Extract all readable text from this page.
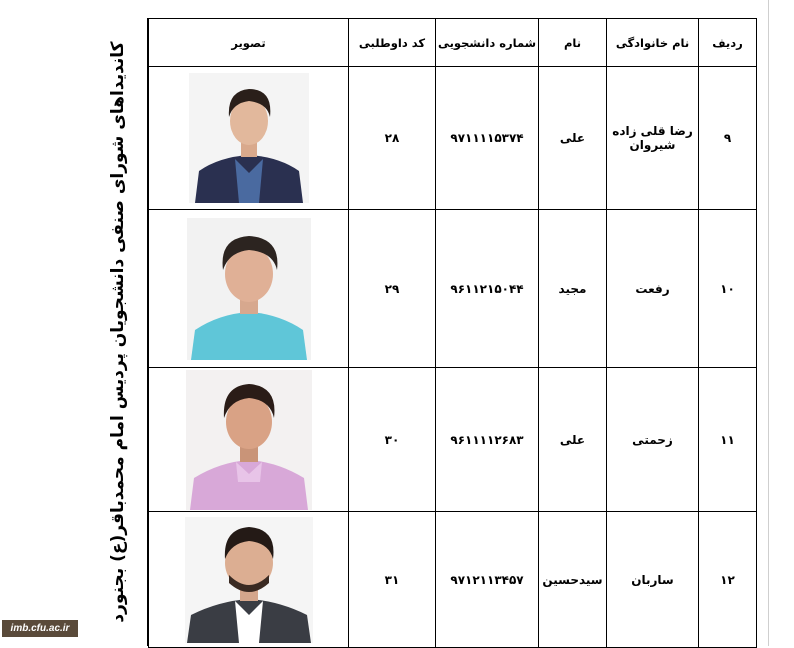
کاندیداهای شورای صنفی دانشجویان پردیس امام محمدباقر(ع) بجنورد	ردیف	نام خانوادگی	نام	شماره دانشجویی	کد داوطلبی	تصویر
۹	رضا قلی زاده شیروان	علی	۹۷۱۱۱۱۵۳۷۴	۲۸	

۱۰	رفعت	مجید	۹۶۱۱۲۱۵۰۴۴	۲۹	

۱۱	زحمتی	علی	۹۶۱۱۱۱۲۶۸۳	۳۰	

۱۲	ساربان	سیدحسین	۹۷۱۲۱۱۳۴۵۷	۳۱	
imb.cfu.ac.ir
